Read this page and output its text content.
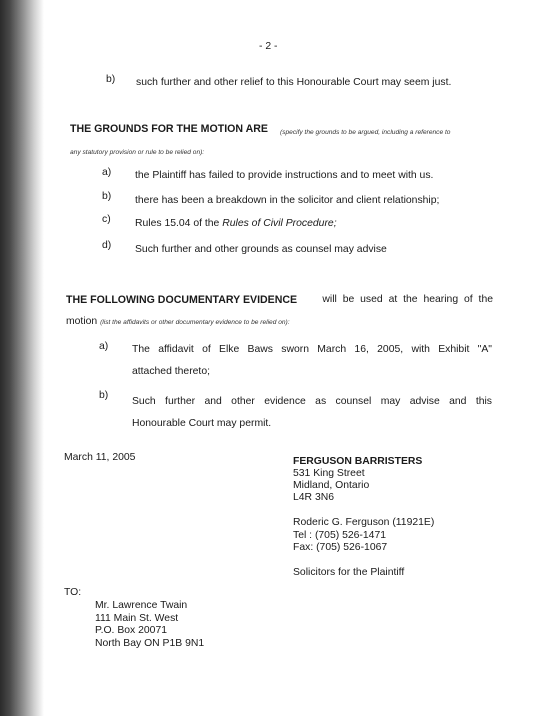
- 2 -
b) such further and other relief to this Honourable Court may seem just.
THE GROUNDS FOR THE MOTION ARE (specify the grounds to be argued, including a reference to
any statutory provision or rule to be relied on):
a) the Plaintiff has failed to provide instructions and to meet with us.
b) there has been a breakdown in the solicitor and client relationship;
c) Rules 15.04 of the Rules of Civil Procedure;
d) Such further and other grounds as counsel may advise
THE FOLLOWING DOCUMENTARY EVIDENCE will be used at the hearing of the
motion (list the affidavits or other documentary evidence to be relied on):
a) The affidavit of Elke Baws sworn March 16, 2005, with Exhibit "A"
attached thereto;
b)
Such further and other evidence as counsel may advise and this
Honourable Court may permit.
March 11, 2005	FERGUSON BARRISTERS
531 King Street
Midland, Ontario
L4R 3N6
Roderic G. Ferguson (11921E)
Tel : (705) 526-1471
Fax: (705) 526-1067
Solicitors for the Plaintiff
TO:
Mr. Lawrence Twain
111 Main St. West
P.O. Box 20071
North Bay ON P1B 9N1
